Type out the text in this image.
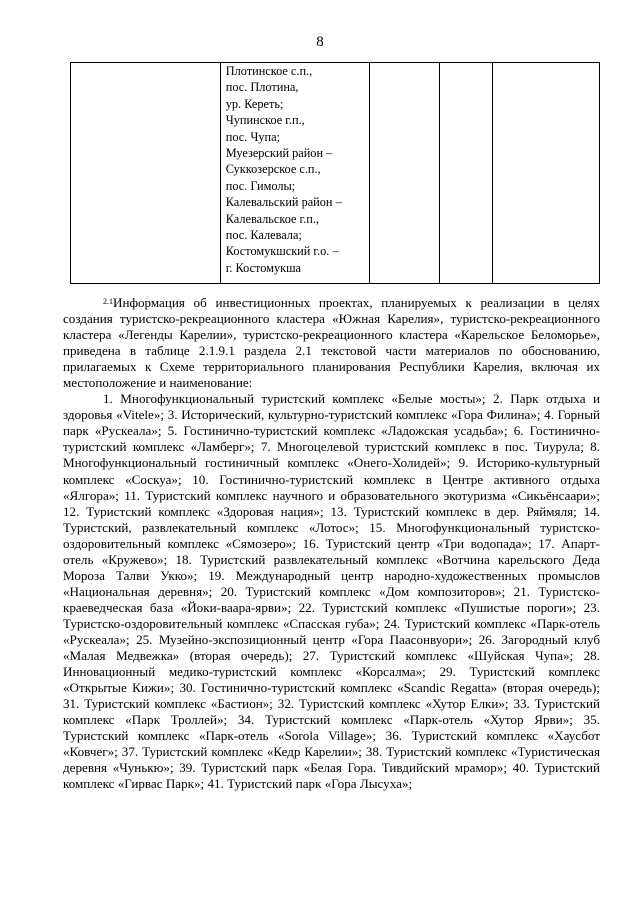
8

Плотинское с.п.,
пос. Плотина,
ур. Кереть;
Чупинское г.п.,
пос. Чупа;
Муезерский район –
Суккозерское с.п.,
пос. Гимолы;
Калевальский район –
Калевальское г.п.,
пос. Калевала;
Костомукшский г.о. –
г. Костомукша

$^{2.1}$Информация об инвестиционных проектах, планируемых к реализации в целях создания туристско-рекреационного кластера «Южная Карелия», туристско-рекреационного кластера «Легенды Карелии», туристско-рекреационного кластера «Карельское Беломорье», приведена в таблице 2.1.9.1 раздела 2.1 текстовой части материалов по обоснованию, прилагаемых к Схеме территориального планирования Республики Карелия, включая их местоположение и наименование:

1. Многофункциональный туристский комплекс «Белые мосты»; 2. Парк отдыха и здоровья «Vitele»; 3. Исторический, культурно-туристский комплекс «Гора Филина»; 4. Горный парк «Рускеала»; 5. Гостинично-туристский комплекс «Ладожская усадьба»; 6. Гостинично-туристский комплекс «Ламберг»; 7. Многоцелевой туристский комплекс в пос. Тиурула; 8. Многофункциональный гостиничный комплекс «Онего-Холидей»; 9. Историко-культурный комплекс «Соскуа»; 10. Гостинично-туристский комплекс в Центре активного отдыха «Ялгора»; 11. Туристский комплекс научного и образовательного экотуризма «Сикьёнсаари»; 12. Туристский комплекс «Здоровая нация»; 13. Туристский комплекс в дер. Ряймяля; 14. Туристский, развлекательный комплекс «Лотос»; 15. Многофункциональный туристско-оздоровительный комплекс «Сямозеро»; 16. Туристский центр «Три водопада»; 17. Апарт-отель «Кружево»; 18. Туристский развлекательный комплекс «Вотчина карельского Деда Мороза Талви Укко»; 19. Международный центр народно-художественных промыслов «Национальная деревня»; 20. Туристский комплекс «Дом композиторов»; 21. Туристско-краеведческая база «Йоки-ваара-ярви»; 22. Туристский комплекс «Пушистые пороги»; 23. Туристско-оздоровительный комплекс «Спасская губа»; 24. Туристский комплекс «Парк-отель «Рускеала»; 25. Музейно-экспозиционный центр «Гора Паасонвуори»; 26. Загородный клуб «Малая Медвежка» (вторая очередь); 27. Туристский комплекс «Шуйская Чупа»; 28. Инновационный медико-туристский комплекс «Корсалма»; 29. Туристский комплекс «Открытые Кижи»; 30. Гостинично-туристский комплекс «Scandic Regatta» (вторая очередь); 31. Туристский комплекс «Бастион»; 32. Туристский комплекс «Хутор Елки»; 33. Туристский комплекс «Парк Троллей»; 34. Туристский комплекс «Парк-отель «Хутор Ярви»; 35. Туристский комплекс «Парк-отель «Sorola Village»; 36. Туристский комплекс «Хаусбот «Ковчег»; 37. Туристский комплекс «Кедр Карелии»; 38. Туристский комплекс «Туристическая деревня «Чунькю»; 39. Туристский парк «Белая Гора. Тивдийский мрамор»; 40. Туристский комплекс «Гирвас Парк»; 41. Туристский парк «Гора Лысуха»;
